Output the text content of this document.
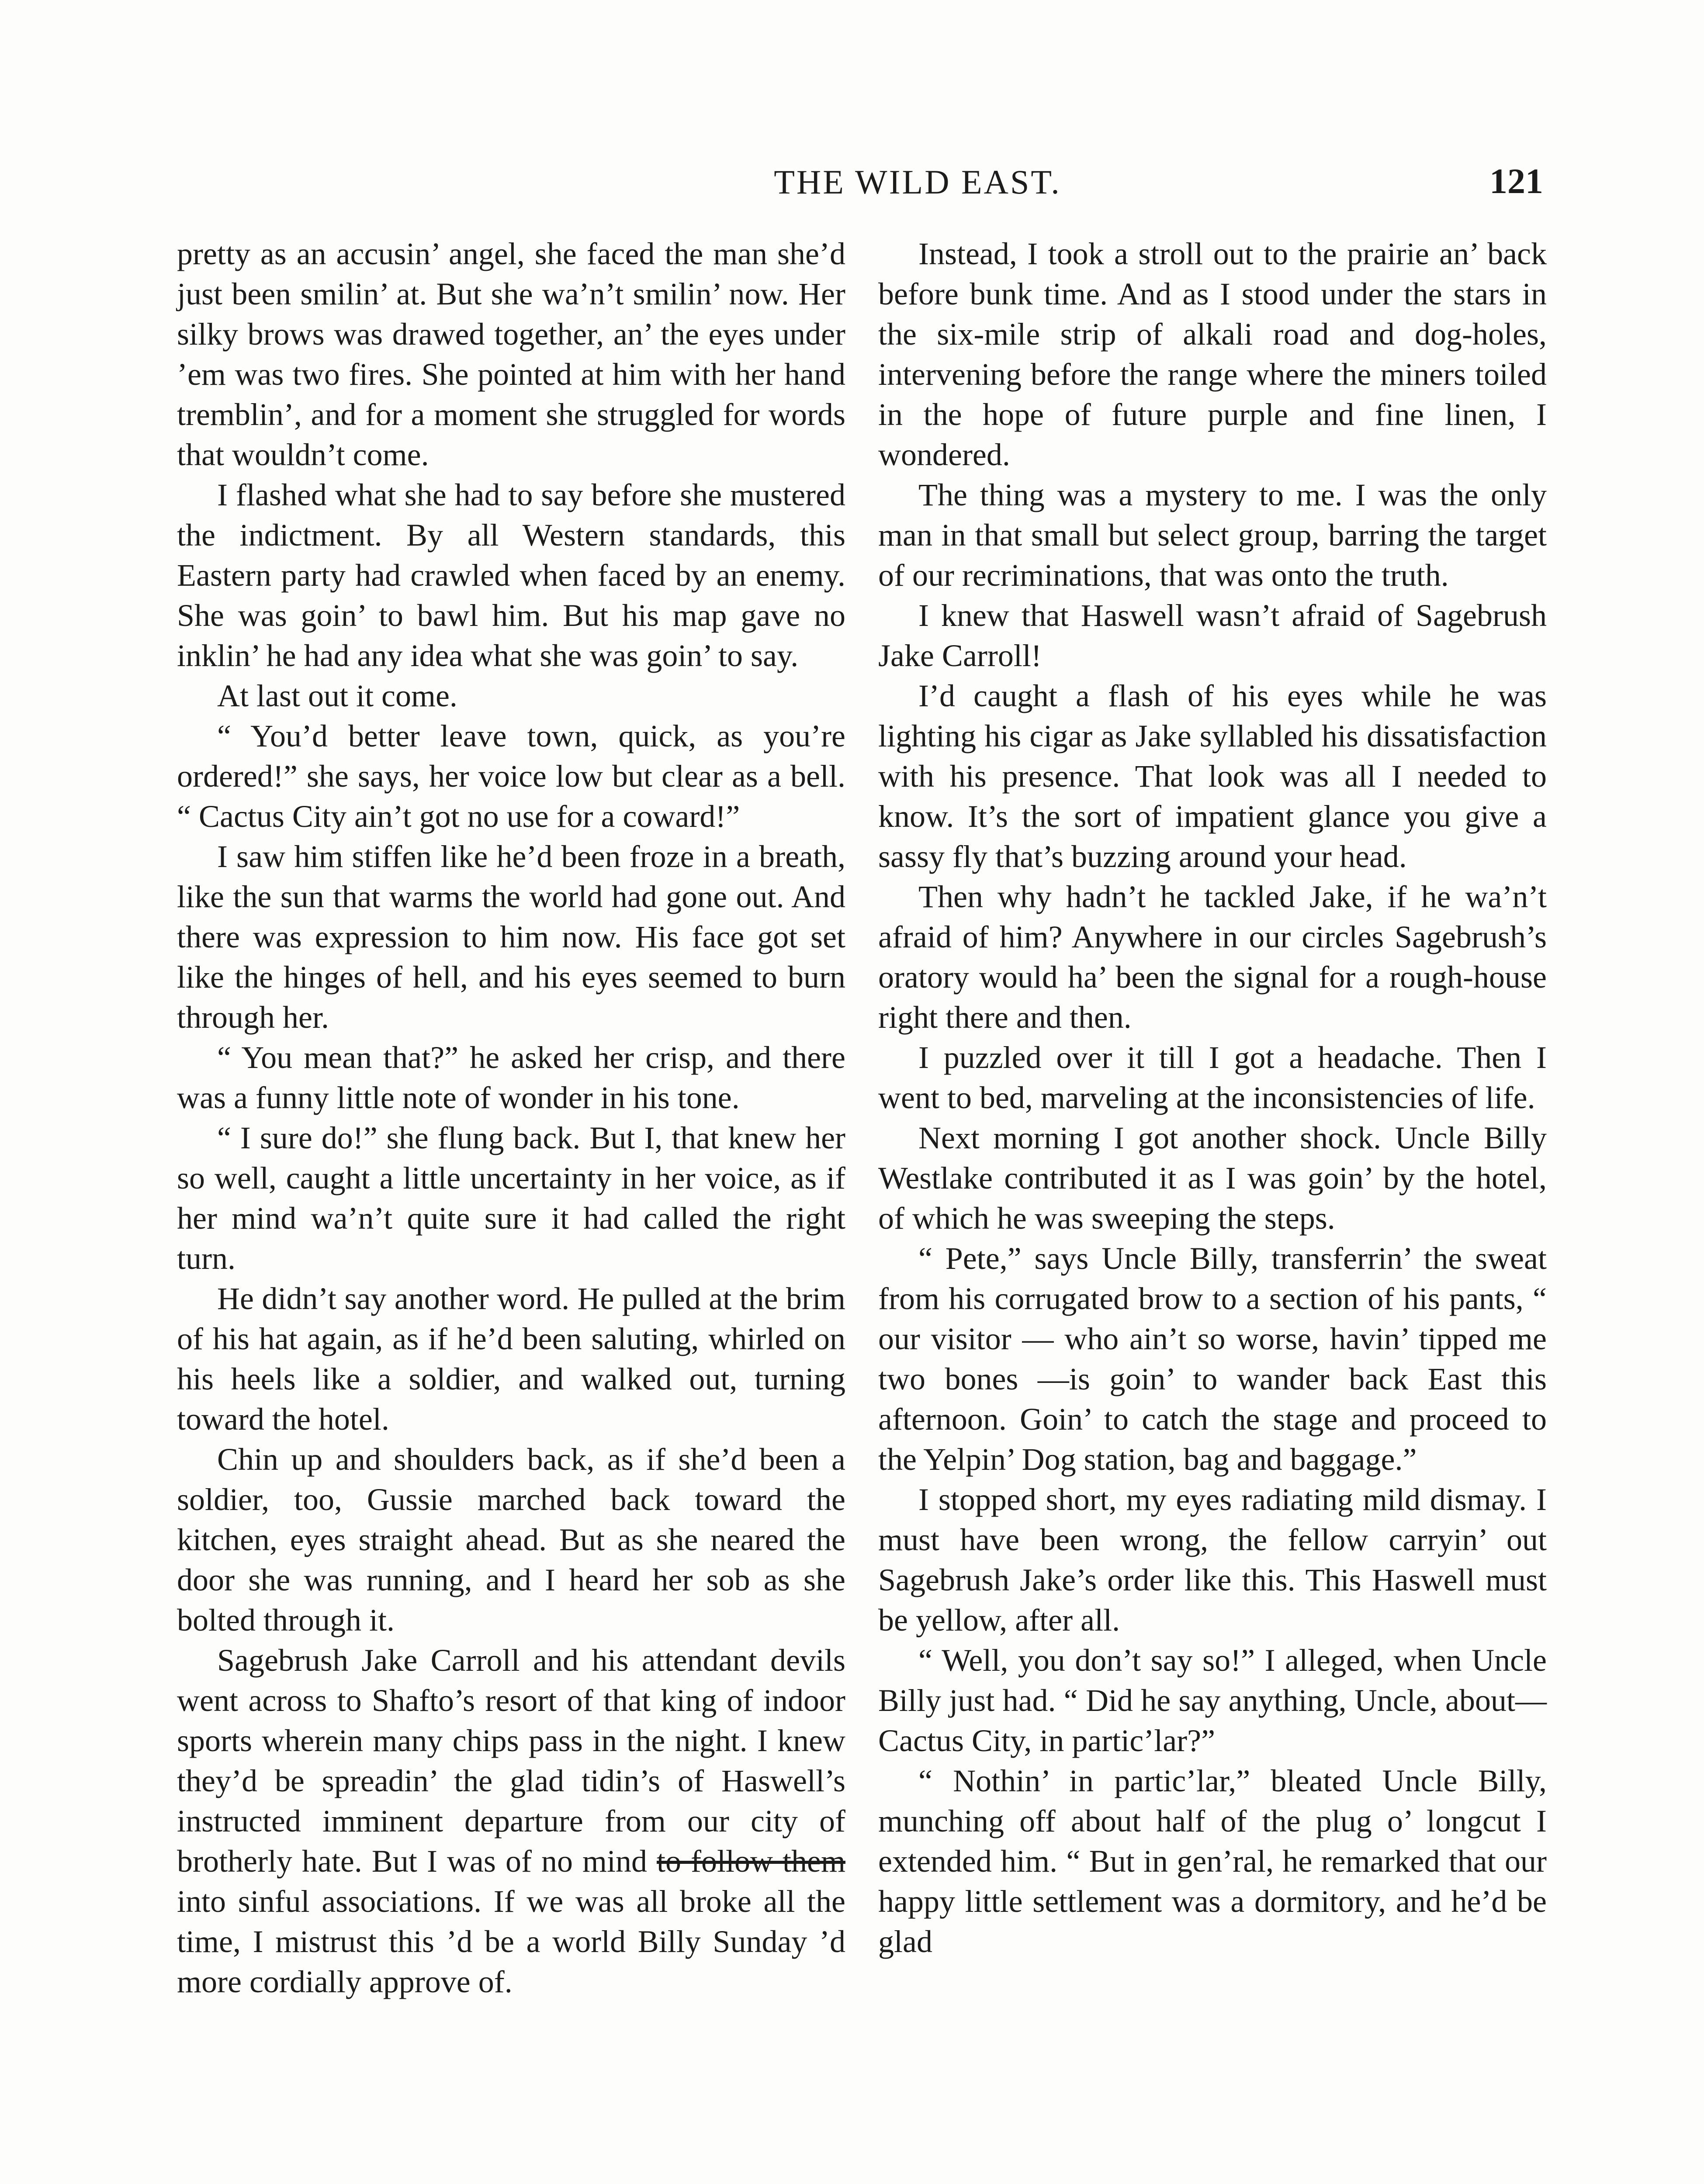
THE WILD EAST.	121

pretty as an accusin’ angel, she faced the man she’d just been smilin’ at. But she wa’n’t smilin’ now. Her silky brows was drawed together, an’ the eyes under ’em was two fires. She pointed at him with her hand tremblin’, and for a moment she struggled for words that wouldn’t come.

I flashed what she had to say before she mustered the indictment. By all Western standards, this Eastern party had crawled when faced by an enemy. She was goin’ to bawl him. But his map gave no inklin’ he had any idea what she was goin’ to say.

At last out it come.

“ You’d better leave town, quick, as you’re ordered!” she says, her voice low but clear as a bell. “ Cactus City ain’t got no use for a coward!”

I saw him stiffen like he’d been froze in a breath, like the sun that warms the world had gone out. And there was expression to him now. His face got set like the hinges of hell, and his eyes seemed to burn through her.

“ You mean that?” he asked her crisp, and there was a funny little note of wonder in his tone.

“ I sure do!” she flung back. But I, that knew her so well, caught a little uncertainty in her voice, as if her mind wa’n’t quite sure it had called the right turn.

He didn’t say another word. He pulled at the brim of his hat again, as if he’d been saluting, whirled on his heels like a soldier, and walked out, turning toward the hotel.

Chin up and shoulders back, as if she’d been a soldier, too, Gussie marched back toward the kitchen, eyes straight ahead. But as she neared the door she was running, and I heard her sob as she bolted through it.

Sagebrush Jake Carroll and his attendant devils went across to Shafto’s resort of that king of indoor sports wherein many chips pass in the night. I knew they’d be spreadin’ the glad tidin’s of Haswell’s instructed imminent departure from our city of brotherly hate. But I was of no mind to follow them into sinful associations. If we was all broke all the time, I mistrust this ’d be a world Billy Sunday ’d more cordially approve of.

Instead, I took a stroll out to the prairie an’ back before bunk time. And as I stood under the stars in the six-mile strip of alkali road and dog-holes, intervening before the range where the miners toiled in the hope of future purple and fine linen, I wondered.

The thing was a mystery to me. I was the only man in that small but select group, barring the target of our recriminations, that was onto the truth.

I knew that Haswell wasn’t afraid of Sagebrush Jake Carroll!

I’d caught a flash of his eyes while he was lighting his cigar as Jake syllabled his dissatisfaction with his presence. That look was all I needed to know. It’s the sort of impatient glance you give a sassy fly that’s buzzing around your head.

Then why hadn’t he tackled Jake, if he wa’n’t afraid of him? Anywhere in our circles Sagebrush’s oratory would ha’ been the signal for a rough-house right there and then.

I puzzled over it till I got a headache. Then I went to bed, marveling at the inconsistencies of life.

Next morning I got another shock. Uncle Billy Westlake contributed it as I was goin’ by the hotel, of which he was sweeping the steps.

“ Pete,” says Uncle Billy, transferrin’ the sweat from his corrugated brow to a section of his pants, “ our visitor — who ain’t so worse, havin’ tipped me two bones —is goin’ to wander back East this afternoon. Goin’ to catch the stage and proceed to the Yelpin’ Dog station, bag and baggage.”

I stopped short, my eyes radiating mild dismay. I must have been wrong, the fellow carryin’ out Sagebrush Jake’s order like this. This Haswell must be yellow, after all.

“ Well, you don’t say so!” I alleged, when Uncle Billy just had. “ Did he say anything, Uncle, about—Cactus City, in partic’lar?”

“ Nothin’ in partic’lar,” bleated Uncle Billy, munching off about half of the plug o’ longcut I extended him. “ But in gen’ral, he remarked that our happy little settlement was a dormitory, and he’d be glad
